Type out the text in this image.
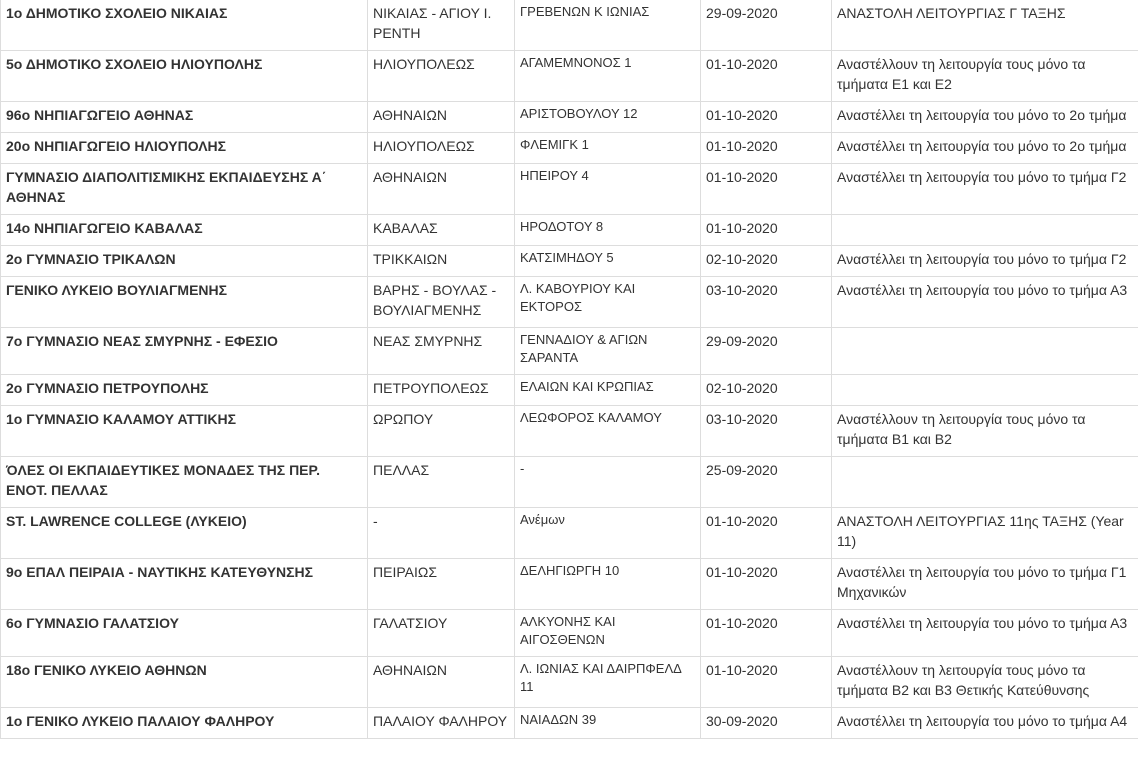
1ο ΔΗΜΟΤΙΚΟ ΣΧΟΛΕΙΟ ΝΙΚΑΙΑΣ	ΝΙΚΑΙΑΣ - ΑΓΙΟΥ Ι. ΡΕΝΤΗ	ΓΡΕΒΕΝΩΝ Κ ΙΩΝΙΑΣ	29-09-2020	ΑΝΑΣΤΟΛΗ ΛΕΙΤΟΥΡΓΙΑΣ Γ ΤΑΞΗΣ
5ο ΔΗΜΟΤΙΚΟ ΣΧΟΛΕΙΟ ΗΛΙΟΥΠΟΛΗΣ	ΗΛΙΟΥΠΟΛΕΩΣ	ΑΓΑΜΕΜΝΟΝΟΣ 1	01-10-2020	Αναστέλλουν τη λειτουργία τους μόνο τα τμήματα Ε1 και Ε2
96ο ΝΗΠΙΑΓΩΓΕΙΟ ΑΘΗΝΑΣ	ΑΘΗΝΑΙΩΝ	ΑΡΙΣΤΟΒΟΥΛΟΥ 12	01-10-2020	Αναστέλλει τη λειτουργία του μόνο το 2ο τμήμα
20ο ΝΗΠΙΑΓΩΓΕΙΟ ΗΛΙΟΥΠΟΛΗΣ	ΗΛΙΟΥΠΟΛΕΩΣ	ΦΛΕΜΙΓΚ 1	01-10-2020	Αναστέλλει τη λειτουργία του μόνο το 2ο τμήμα
ΓΥΜΝΑΣΙΟ ΔΙΑΠΟΛΙΤΙΣΜΙΚΗΣ ΕΚΠΑΙΔΕΥΣΗΣ Α΄ ΑΘΗΝΑΣ	ΑΘΗΝΑΙΩΝ	ΗΠΕΙΡΟΥ 4	01-10-2020	Αναστέλλει τη λειτουργία του μόνο το τμήμα Γ2
14ο ΝΗΠΙΑΓΩΓΕΙΟ ΚΑΒΑΛΑΣ	ΚΑΒΑΛΑΣ	ΗΡΟΔΟΤΟΥ 8	01-10-2020	
2ο ΓΥΜΝΑΣΙΟ ΤΡΙΚΑΛΩΝ	ΤΡΙΚΚΑΙΩΝ	ΚΑΤΣΙΜΗΔΟΥ 5	02-10-2020	Αναστέλλει τη λειτουργία του μόνο το τμήμα Γ2
ΓΕΝΙΚΟ ΛΥΚΕΙΟ ΒΟΥΛΙΑΓΜΕΝΗΣ	ΒΑΡΗΣ - ΒΟΥΛΑΣ - ΒΟΥΛΙΑΓΜΕΝΗΣ	Λ. ΚΑΒΟΥΡΙΟΥ ΚΑΙ ΕΚΤΟΡΟΣ	03-10-2020	Αναστέλλει τη λειτουργία του μόνο το τμήμα Α3
7ο ΓΥΜΝΑΣΙΟ ΝΕΑΣ ΣΜΥΡΝΗΣ - ΕΦΕΣΙΟ	ΝΕΑΣ ΣΜΥΡΝΗΣ	ΓΕΝΝΑΔΙΟΥ & ΑΓΙΩΝ ΣΑΡΑΝΤΑ	29-09-2020	
2ο ΓΥΜΝΑΣΙΟ ΠΕΤΡΟΥΠΟΛΗΣ	ΠΕΤΡΟΥΠΟΛΕΩΣ	ΕΛΑΙΩΝ ΚΑΙ ΚΡΩΠΙΑΣ	02-10-2020	
1ο ΓΥΜΝΑΣΙΟ ΚΑΛΑΜΟΥ ΑΤΤΙΚΗΣ	ΩΡΩΠΟΥ	ΛΕΩΦΟΡΟΣ ΚΑΛΑΜΟΥ	03-10-2020	Αναστέλλουν τη λειτουργία τους μόνο τα τμήματα Β1 και Β2
ΌΛΕΣ ΟΙ ΕΚΠΑΙΔΕΥΤΙΚΕΣ ΜΟΝΑΔΕΣ ΤΗΣ ΠΕΡ. ΕΝΟΤ. ΠΕΛΛΑΣ	ΠΕΛΛΑΣ	-	25-09-2020	
ST. LAWRENCE COLLEGE (ΛΥΚΕΙΟ)	-	Ανέμων	01-10-2020	ΑΝΑΣΤΟΛΗ ΛΕΙΤΟΥΡΓΙΑΣ 11ης ΤΑΞΗΣ (Year 11)
9ο ΕΠΑΛ ΠΕΙΡΑΙΑ - ΝΑΥΤΙΚΗΣ ΚΑΤΕΥΘΥΝΣΗΣ	ΠΕΙΡΑΙΩΣ	ΔΕΛΗΓΙΩΡΓΗ 10	01-10-2020	Αναστέλλει τη λειτουργία του μόνο το τμήμα Γ1 Μηχανικών
6ο ΓΥΜΝΑΣΙΟ ΓΑΛΑΤΣΙΟΥ	ΓΑΛΑΤΣΙΟΥ	ΑΛΚΥΟΝΗΣ ΚΑΙ ΑΙΓΟΣΘΕΝΩΝ	01-10-2020	Αναστέλλει τη λειτουργία του μόνο το τμήμα Α3
18ο ΓΕΝΙΚΟ ΛΥΚΕΙΟ ΑΘΗΝΩΝ	ΑΘΗΝΑΙΩΝ	Λ. ΙΩΝΙΑΣ ΚΑΙ ΔΑΙΡΠΦΕΛΔ 11	01-10-2020	Αναστέλλουν τη λειτουργία τους μόνο τα τμήματα Β2 και Β3 Θετικής Κατεύθυνσης
1ο ΓΕΝΙΚΟ ΛΥΚΕΙΟ ΠΑΛΑΙΟΥ ΦΑΛΗΡΟΥ	ΠΑΛΑΙΟΥ ΦΑΛΗΡΟΥ	ΝΑΙΑΔΩΝ 39	30-09-2020	Αναστέλλει τη λειτουργία του μόνο το τμήμα Α4
